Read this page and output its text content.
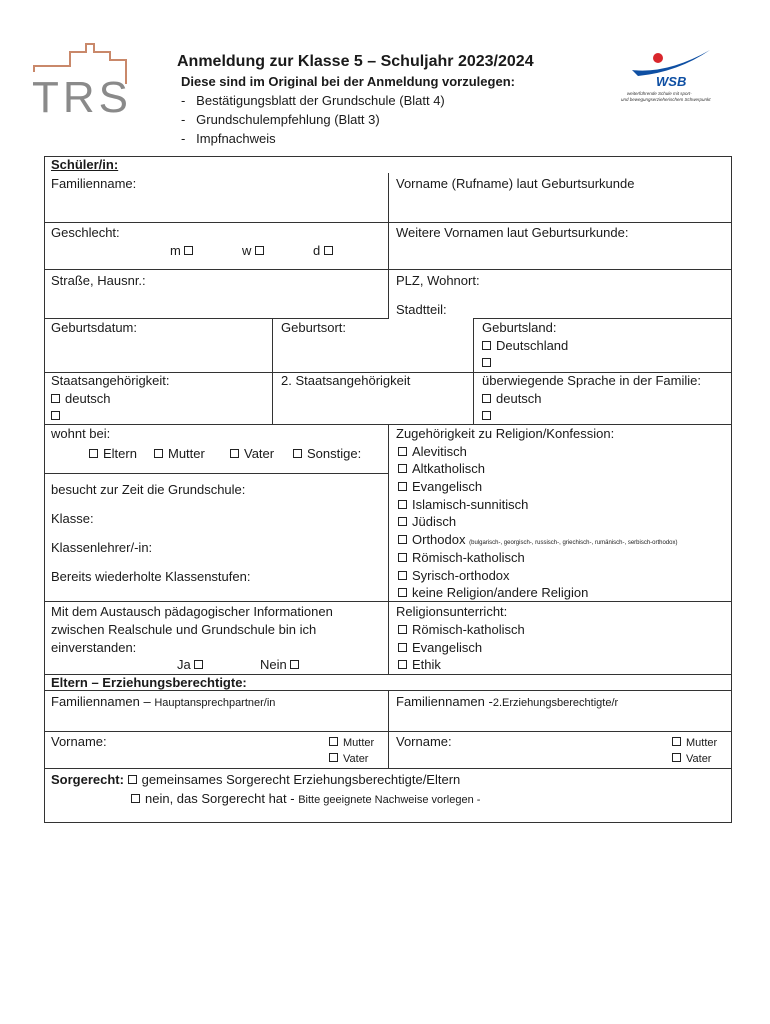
TRS
Anmeldung zur Klasse 5 – Schuljahr 2023/2024
Diese sind im Original bei der Anmeldung vorzulegen:
-   Bestätigungsblatt der Grundschule (Blatt 4)
-   Grundschulempfehlung (Blatt 3)
-   Impfnachweis
WSB
weiterführende Schule mit sport-
und bewegungserzieherischem Schwerpunkt
Schüler/in:
Familienname:	Vorname (Rufname) laut Geburtsurkunde
Geschlecht:
m	w	d
Weitere Vornamen laut Geburtsurkunde:
Straße, Hausnr.:	PLZ, Wohnort:
Stadtteil:
Geburtsdatum:	Geburtsort:	Geburtsland:
Deutschland
Staatsangehörigkeit:
deutsch
2. Staatsangehörigkeit	überwiegende Sprache in der Familie:
deutsch
wohnt bei:
Eltern	Mutter	Vater	Sonstige:
besucht zur Zeit die Grundschule:
Klasse:
Klassenlehrer/-in:
Bereits wiederholte Klassenstufen:
Mit dem Austausch pädagogischer Informationen
zwischen Realschule und Grundschule bin ich
einverstanden:
Ja	Nein
Zugehörigkeit zu Religion/Konfession:
Alevitisch
Altkatholisch
Evangelisch
Islamisch-sunnitisch
Jüdisch
Orthodox (bulgarisch-, georgisch-, russisch-, griechisch-, rumänisch-, serbisch-orthodox)
Römisch-katholisch
Syrisch-orthodox
keine Religion/andere Religion
Religionsunterricht:
Römisch-katholisch
Evangelisch
Ethik
Eltern – Erziehungsberechtigte:
Familiennamen – Hauptansprechpartner/in	Familiennamen -2.Erziehungsberechtigte/r
Vorname:	Mutter
Vater
Vorname:	Mutter
Vater
Sorgerecht: gemeinsames Sorgerecht Erziehungsberechtigte/Eltern
nein, das Sorgerecht hat - Bitte geeignete Nachweise vorlegen -
